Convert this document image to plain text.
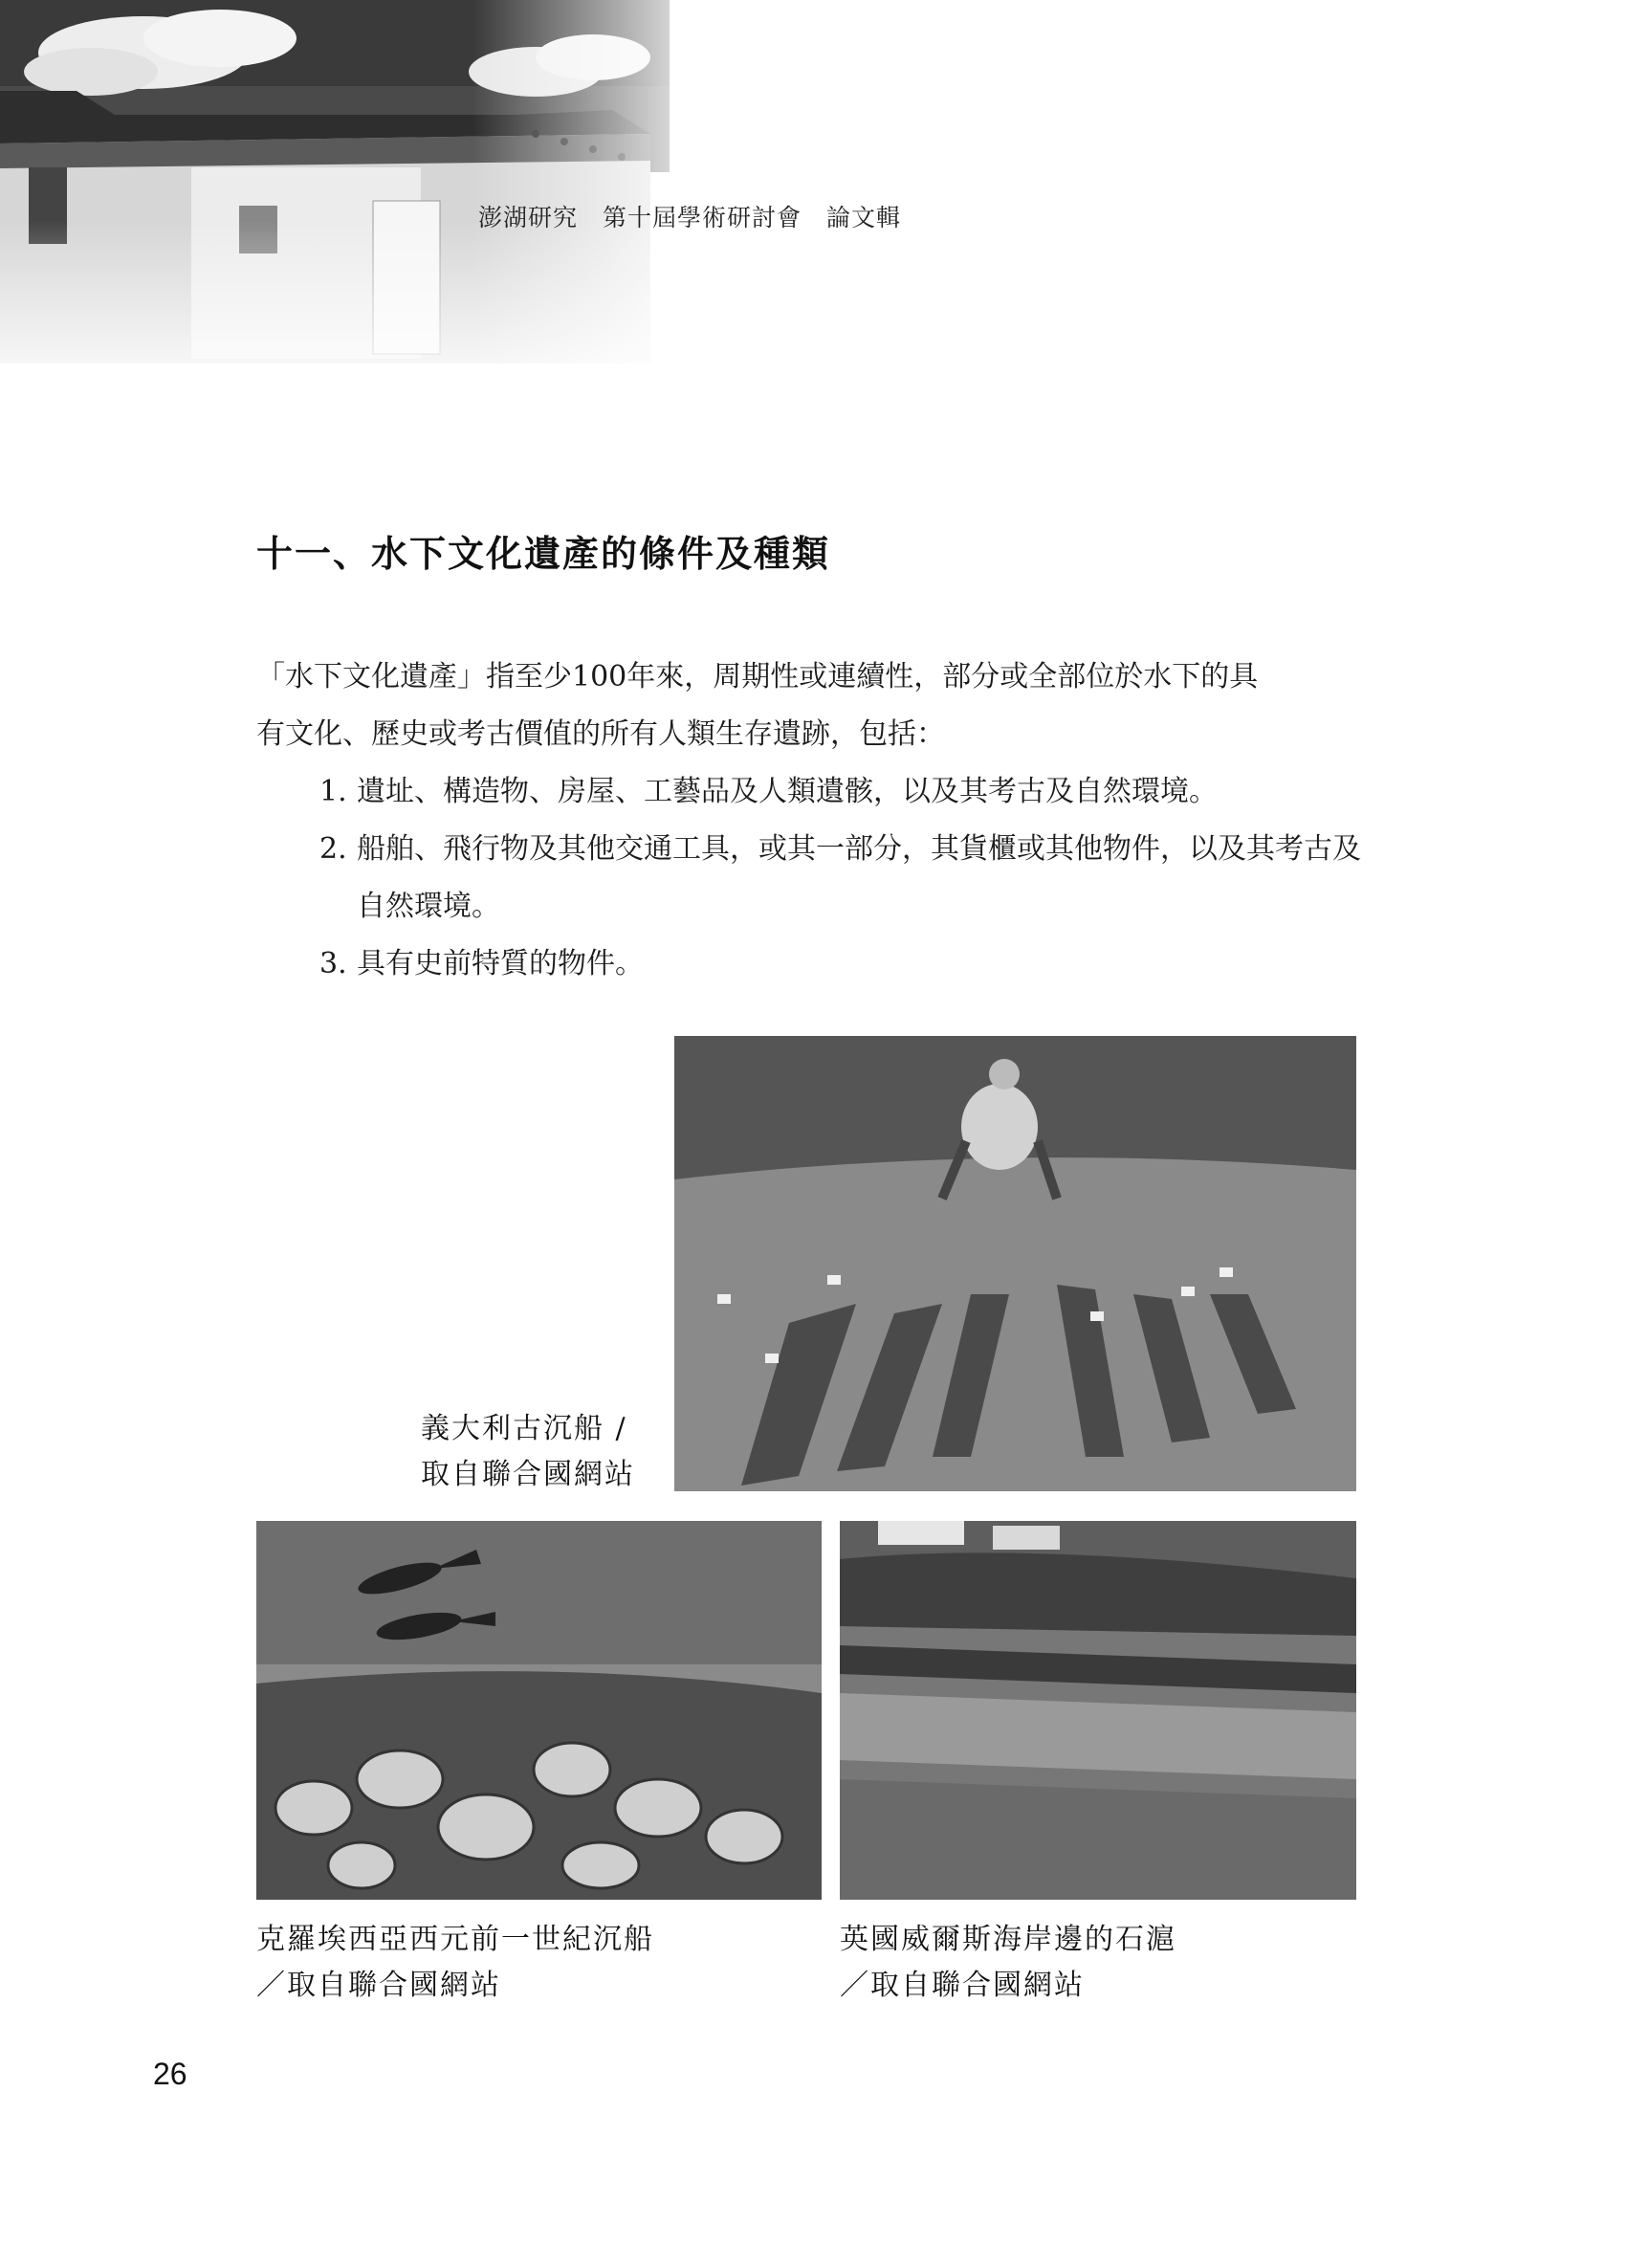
澎湖研究　第十屆學術研討會　論文輯
十一、水下文化遺產的條件及種類

「水下文化遺產」指至少100年來，周期性或連續性，部分或全部位於水下的具

有文化、歷史或考古價值的所有人類生存遺跡，包括：

1. 遺址、構造物、房屋、工藝品及人類遺骸，以及其考古及自然環境。
2. 船舶、飛行物及其他交通工具，或其一部分，其貨櫃或其他物件，以及其考古及自然環境。
3. 具有史前特質的物件。
義大利古沉船 /
取自聯合國網站
克羅埃西亞西元前一世紀沉船
／取自聯合國網站
英國威爾斯海岸邊的石滬
／取自聯合國網站
26
